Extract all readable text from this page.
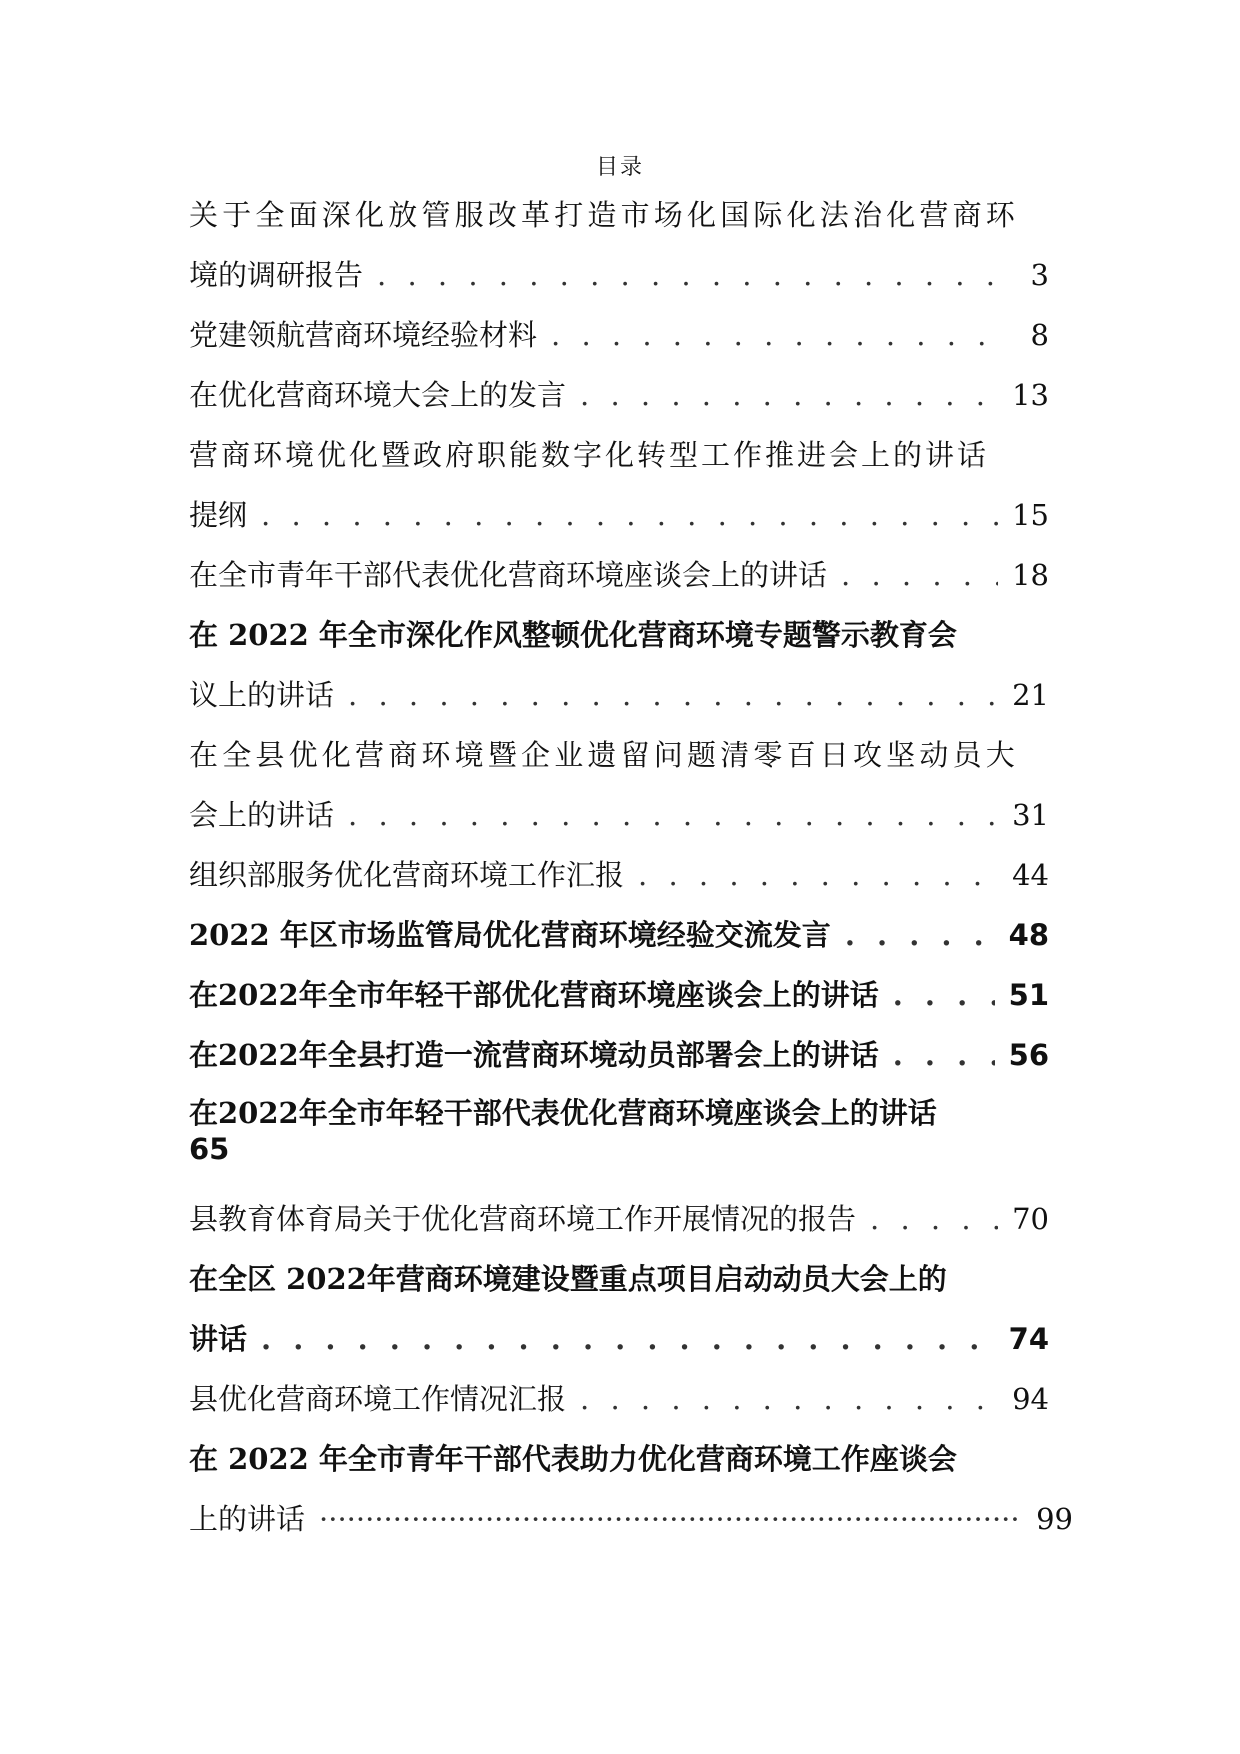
目录
关于全面深化放管服改革打造市场化国际化法治化营商环
境的调研报告 . . .	3
党建领航营商环境经验材料 . . .	8
在优化营商环境大会上的发言 . . .	13
营商环境优化暨政府职能数字化转型工作推进会上的讲话
提纲 . . .	15
在全市青年干部代表优化营商环境座谈会上的讲话 . . .	18
在 2022 年全市深化作风整顿优化营商环境专题警示教育会
议上的讲话 . . .	21
在全县优化营商环境暨企业遗留问题清零百日攻坚动员大
会上的讲话 . . .	31
组织部服务优化营商环境工作汇报 . . .	44
2022 年区市场监管局优化营商环境经验交流发言 . . .	48
在2022年全市年轻干部优化营商环境座谈会上的讲话 . . .	51
在2022年全县打造一流营商环境动员部署会上的讲话 . . .	56
在2022年全市年轻干部代表优化营商环境座谈会上的讲话
65
县教育体育局关于优化营商环境工作开展情况的报告 . . .	70
在全区 2022年营商环境建设暨重点项目启动动员大会上的
讲话 . . .	74
县优化营商环境工作情况汇报 . . .	94
在 2022 年全市青年干部代表助力优化营商环境工作座谈会
上的讲话 ·····	99
